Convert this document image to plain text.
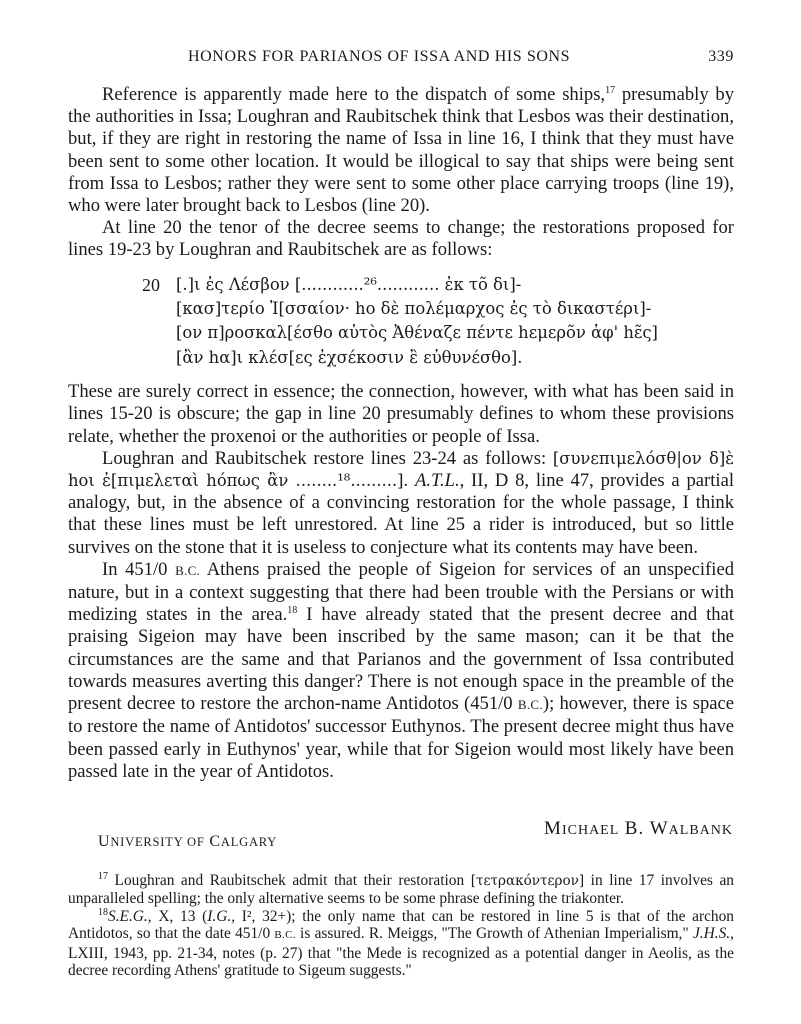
HONORS FOR PARIANOS OF ISSA AND HIS SONS	339

Reference is apparently made here to the dispatch of some ships,$^{17}$ presumably by the authorities in Issa; Loughran and Raubitschek think that Lesbos was their destination, but, if they are right in restoring the name of Issa in line 16, I think that they must have been sent to some other location. It would be illogical to say that ships were being sent from Issa to Lesbos; rather they were sent to some other place carrying troops (line 19), who were later brought back to Lesbos (line 20).

At line 20 the tenor of the decree seems to change; the restorations proposed for lines 19-23 by Loughran and Raubitschek are as follows:

20 [.]ι ἐς Λέσβον [............²⁶............ ἐκ τõ δι]-
[κασ]τερίο Ἰ[σσαίον· hο δὲ πολέμαρχος ἐς τὸ δικαστέρι]-
[ον π]ροσκαλ[έσθο αὐτὸς Ἀθέναζε πέντε hεμερõν ἀφ' hε̃ς]
[ἂν hα]ι κλέσ[ες ἐχσέκοσιν ἒ εὐθυνέσθο].

These are surely correct in essence; the connection, however, with what has been said in lines 15-20 is obscure; the gap in line 20 presumably defines to whom these provisions relate, whether the proxenoi or the authorities or people of Issa.

Loughran and Raubitschek restore lines 23-24 as follows: [συνεπιμελόσθ|ον δ]ὲ hοι ἐ[πιμελεταὶ hόπως ἂν ........¹⁸.........]. A.T.L., II, D 8, line 47, provides a partial analogy, but, in the absence of a convincing restoration for the whole passage, I think that these lines must be left unrestored. At line 25 a rider is introduced, but so little survives on the stone that it is useless to conjecture what its contents may have been.

In 451/0 B.C. Athens praised the people of Sigeion for services of an unspecified nature, but in a context suggesting that there had been trouble with the Persians or with medizing states in the area.$^{18}$ I have already stated that the present decree and that praising Sigeion may have been inscribed by the same mason; can it be that the circumstances are the same and that Parianos and the government of Issa contributed towards measures averting this danger? There is not enough space in the preamble of the present decree to restore the archon-name Antidotos (451/0 B.C.); however, there is space to restore the name of Antidotos' successor Euthynos. The present decree might thus have been passed early in Euthynos' year, while that for Sigeion would most likely have been passed late in the year of Antidotos.

MICHAEL B. WALBANK
UNIVERSITY OF CALGARY

$^{17}$ Loughran and Raubitschek admit that their restoration [τετρακόντερον] in line 17 involves an unparalleled spelling; the only alternative seems to be some phrase defining the triakonter.

$^{18}$S.E.G., X, 13 (I.G., I², 32+); the only name that can be restored in line 5 is that of the archon Antidotos, so that the date 451/0 B.C. is assured. R. Meiggs, "The Growth of Athenian Imperialism," J.H.S., LXIII, 1943, pp. 21-34, notes (p. 27) that "the Mede is recognized as a potential danger in Aeolis, as the decree recording Athens' gratitude to Sigeum suggests."
